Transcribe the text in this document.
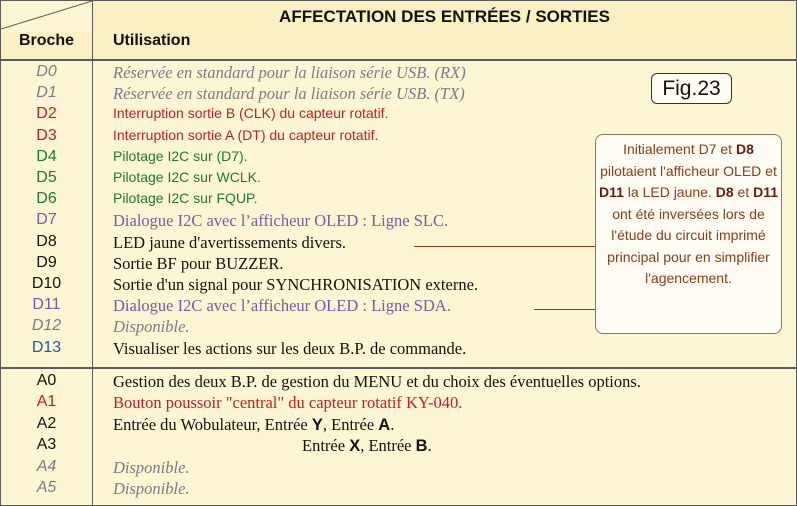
AFFECTATION DES ENTRÉES / SORTIES
Broche	Utilisation
D0	Réservée en standard pour la liaison série USB. (RX)
D1	Réservée en standard pour la liaison série USB. (TX)
D2	Interruption sortie B (CLK) du capteur rotatif.
D3	Interruption sortie A (DT) du capteur rotatif.
D4	Pilotage I2C sur (D7).
D5	Pilotage I2C sur WCLK.
D6	Pilotage I2C sur FQUP.
D7	Dialogue I2C avec l’afficheur OLED : Ligne SLC.
D8	LED jaune d'avertissements divers.
D9	Sortie BF pour BUZZER.
D10	Sortie d'un signal pour SYNCHRONISATION externe.
D11	Dialogue I2C avec l’afficheur OLED : Ligne SDA.
D12	Disponible.
D13	Visualiser les actions sur les deux B.P. de commande.
A0	Gestion des deux B.P. de gestion du MENU et du choix des éventuelles options.
A1	Bouton poussoir "central" du capteur rotatif KY-040.
A2	Entrée du Wobulateur, Entrée Y, Entrée A.
A3	Entrée X, Entrée B.
A4	Disponible.
A5	Disponible.
Fig.23
Initialement D7 et D8 pilotaient l'afficheur OLED et D11 la LED jaune. D8 et D11 ont été inversées lors de l'étude du circuit imprimé principal pour en simplifier l'agencement.
